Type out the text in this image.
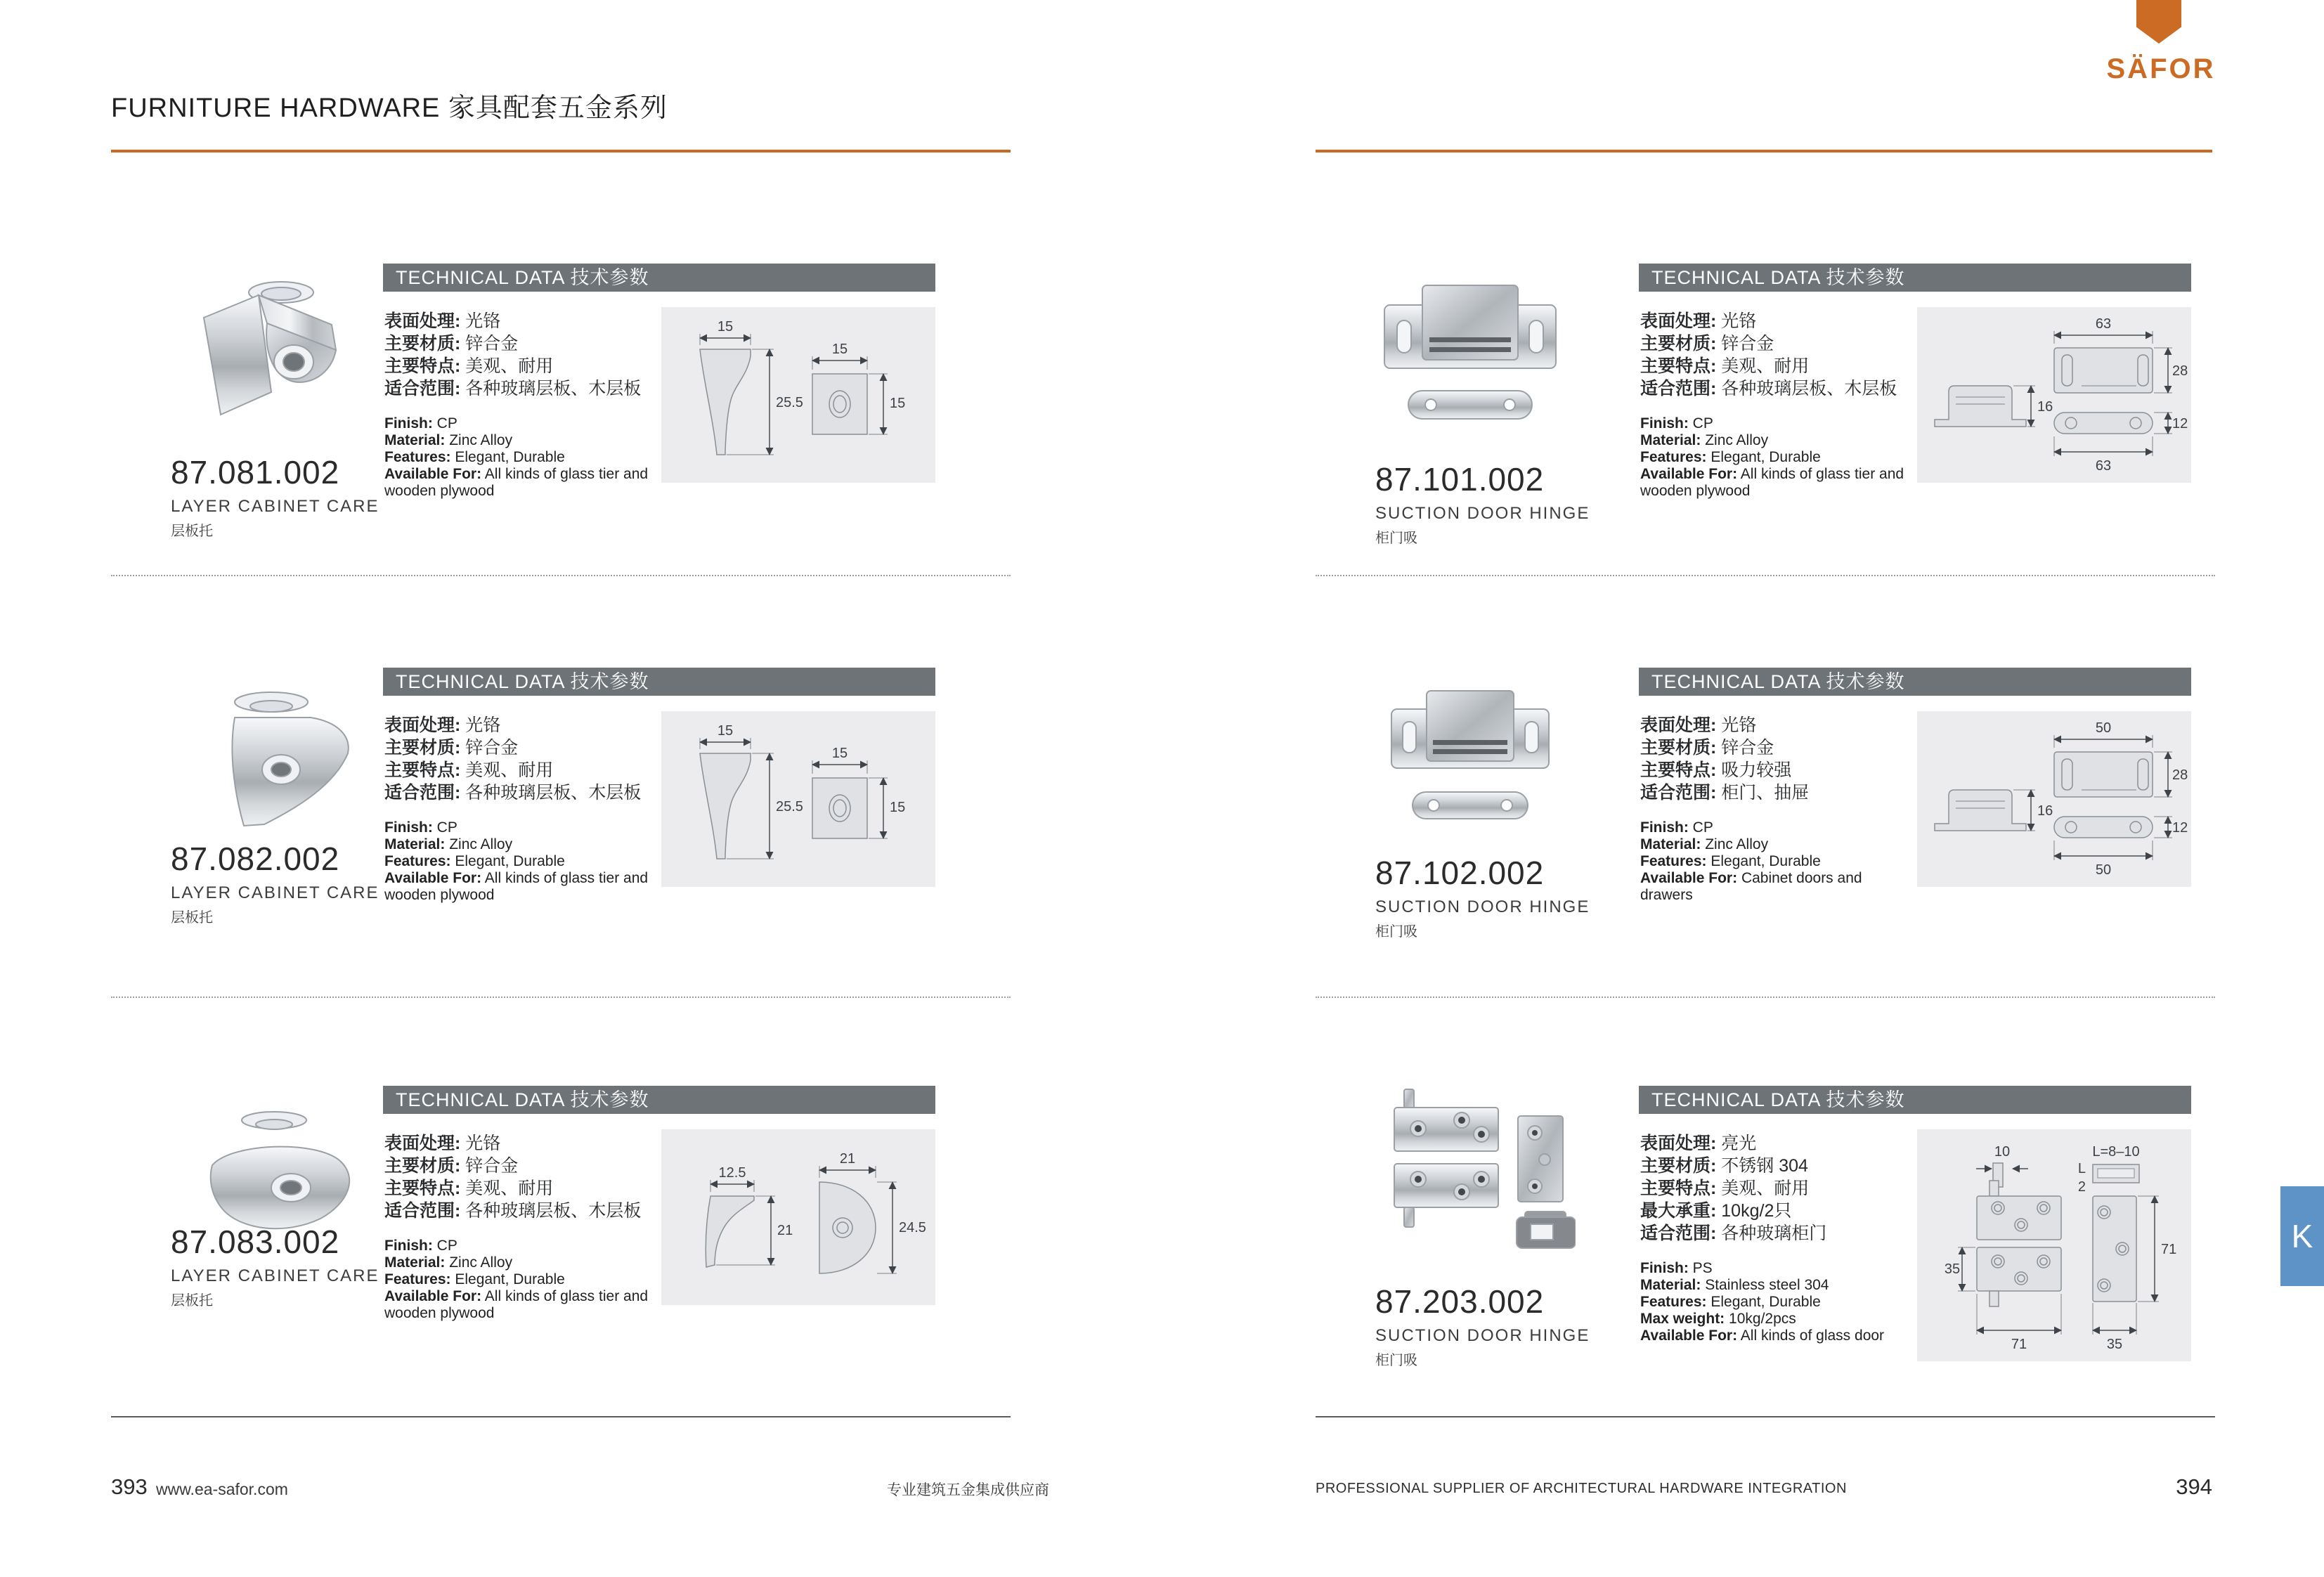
FURNITURE HARDWARE 家具配套五金系列
SÄFOR
87.081.002
LAYER CABINET CARE
层板托
TECHNICAL DATA 技术参数

表面处理: 光铬

主要材质: 锌合金

主要特点: 美观、耐用

适合范围: 各种玻璃层板、木层板

Finish: CP

Material: Zinc Alloy

Features: Elegant, Durable

Available For: All kinds of glass tier and wooden plywood

15
25.5
15
15
87.082.002
LAYER CABINET CARE
层板托
TECHNICAL DATA 技术参数

表面处理: 光铬

主要材质: 锌合金

主要特点: 美观、耐用

适合范围: 各种玻璃层板、木层板

Finish: CP

Material: Zinc Alloy

Features: Elegant, Durable

Available For: All kinds of glass tier and wooden plywood

15
25.5
15
15
87.083.002
LAYER CABINET CARE
层板托
TECHNICAL DATA 技术参数

表面处理: 光铬

主要材质: 锌合金

主要特点: 美观、耐用

适合范围: 各种玻璃层板、木层板

Finish: CP

Material: Zinc Alloy

Features: Elegant, Durable

Available For: All kinds of glass tier and wooden plywood

12.5
21
21
24.5
87.101.002
SUCTION DOOR HINGE
柜门吸
TECHNICAL DATA 技术参数

表面处理: 光铬

主要材质: 锌合金

主要特点: 美观、耐用

适合范围: 各种玻璃层板、木层板

Finish: CP

Material: Zinc Alloy

Features: Elegant, Durable

Available For: All kinds of glass tier and wooden plywood

16
63
28
12
63
87.102.002
SUCTION DOOR HINGE
柜门吸
TECHNICAL DATA 技术参数

表面处理: 光铬

主要材质: 锌合金

主要特点: 吸力较强

适合范围: 柜门、抽屉

Finish: CP

Material: Zinc Alloy

Features: Elegant, Durable

Available For: Cabinet doors and drawers

16
50
28
12
50
87.203.002
SUCTION DOOR HINGE
柜门吸
TECHNICAL DATA 技术参数

表面处理: 亮光

主要材质: 不锈钢 304

主要特点: 美观、耐用

最大承重: 10kg/2只

适合范围: 各种玻璃柜门

Finish: PS

Material: Stainless steel 304

Features: Elegant, Durable

Max weight: 10kg/2pcs

Available For: All kinds of glass door

10	L=8–10
L
2
35
71
71
35
K
393 www.ea-safor.com	专业建筑五金集成供应商	PROFESSIONAL SUPPLIER OF ARCHITECTURAL HARDWARE INTEGRATION	394
